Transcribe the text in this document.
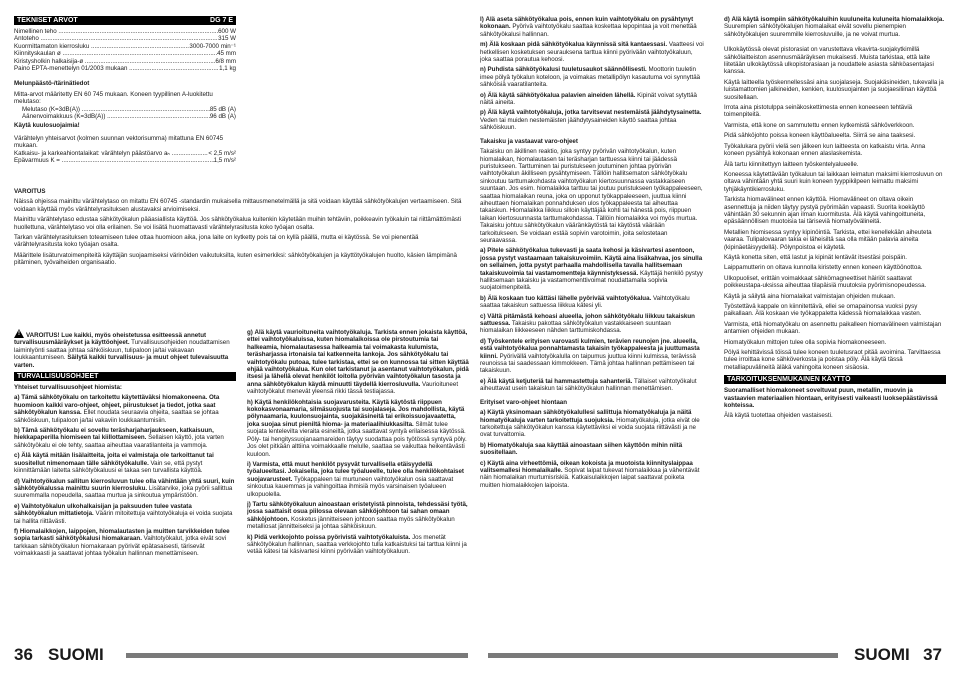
TEKNISET ARVOT	DG 7 E
Nimellinen teho .....	600 W
Antoteho .....	315 W
Kuormittamaton kierrosluku .....	3000-7000 min⁻¹
Kiinnityskaulan ø .....	45 mm
Kiristysholkin halkaisija-ø .....	6/8 mm
Paino EPTA-menettelyn 01/2003 mukaan .....	1,1 kg

Melunpäästö-/tärinätiedot

Mitta-arvot määritetty EN 60 745 mukaan. Koneen tyypillinen A-luokitettu melutaso:

Melutaso (K=3dB(A)) .....	85 dB (A)
Äänenvoimakkuus (K=3dB(A)) .....	96 dB (A)

Käytä kuulosuojaimia!

Värähtelyn yhteisarvot (kolmen suunnan vektorisumma) mitattuna EN 60745 mukaan.

Katkaisu- ja karkeahiontalaikat: värähtelyn päästöarvo aₕ .....	< 2,5 m/s²
Epävarmuus K = .....	1,5 m/s²

VAROITUS

Näissä ohjeissa mainittu värähtelytaso on mitattu EN 60745 -standardin mukaisella mittausmenetelmällä ja sitä voidaan käyttää sähkötyökalujen vertaamiseen. Sitä voidaan käyttää myös värähtelyrasituksen alustavaksi arvioimiseksi.

Mainittu värähtelytaso edustaa sähkötyökalun pääasiallista käyttöä. Jos sähkötyökalua kuitenkin käytetään muihin tehtäviin, poikkeavin työkaluin tai riittämättömästi huollettuna, värähtelytaso voi olla erilainen. Se voi lisätä huomattavasti värähtelyrasitusta koko työajan osalta.

Tarkan värähtelyrasituksen toteamiseen tulee ottaa huomioon aika, jona laite on kytketty pois tai on kyllä päällä, mutta ei käytössä. Se voi pienentää värähtelyrasitusta koko työajan osalta.

Määrittele lisäturvatoimenpiteitä käyttäjän suojaamiseksi värinöiden vaikutuksilta, kuten esimerkiksi: sähkötyökalujen ja käyttötyökalujen huolto, käsien lämpimänä pitäminen, työvaiheiden organisaatio.

!VAROITUS! Lue kaikki, myös oheistetussa esitteessä annetut turvallisuusmääräykset ja käyttöohjeet. Turvallisuusohjeiden noudattamisen laiminlyönti saattaa johtaa sähköiskuun, tulipaloon ja/tai vakavaan loukkaantumiseen. Säilytä kaikki turvallisuus- ja muut ohjeet tulevaisuutta varten.

TURVALLISUUSOHJEET

Yhteiset turvallisuusohjeet hiomista:

a) Tämä sähkötyökalu on tarkoitettu käytettäväksi hiomakoneena. Ota huomioon kaikki varo-ohjeet, ohjeet, piirustukset ja tiedot, jotka saat sähkötyökalun kanssa. Ellet noudata seuraavia ohjeita, saattaa se johtaa sähköiskuun, tulipaloon ja/tai vakaviin loukkaantumisiin.

b) Tämä sähkötyökalu ei sovellu teräsharjaharjaukseen, katkaisuun, hiekkapaperilla hiomiseen tai kiillottamiseen. Sellaisen käyttö, jota varten sähkötyökalu ei ole tehty, saattaa aiheuttaa vaaratilanteita ja vammoja.

c) Älä käytä mitään lisälaitteita, joita ei valmistaja ole tarkoittanut tai suositellut nimenomaan tälle sähkötyökalulle. Vain se, että pystyt kiinnittämään laitetta sähkötyökaluusi ei takaa sen turvallista käyttöä.

d) Vaihtotyökalun sallitun kierrosluvun tulee olla vähintään yhtä suuri, kuin sähkötyökalussa mainittu suurin kierrosluku. Lisätarvike, joka pyörii sallittua suuremmalla nopeudella, saattaa murtua ja sinkoutua ympäristöön.

e) Vaihtotyökalun ulkohalkaisijan ja paksuuden tulee vastata sähkötyökalun mittatietoja. Väärin mitoitettuja vaihtotyökaluja ei voida suojata tai hallita riittävästi.

f) Hiomalaikkojen, laippojen, hiomalautasten ja muitten tarvikkeiden tulee sopia tarkasti sähkötyökalusi hiomakaraan. Vaihtotyökalut, jotka eivät sovi tarkkaan sähkötyökalun hiomakaraan pyörivät epätasaisesti, tärisevät voimakkaasti ja saattavat johtaa työkalun hallinnan menettämiseen.

g) Älä käytä vaurioituneita vaihtotyökaluja. Tarkista ennen jokaista käyttöä, ettei vaihtotyökaluissa, kuten hiomalaikoissa ole pirstoutumia tai halkeamia, hiomalautasessa halkeamia tai voimakasta kulumista, teräsharjassa irtonaisia tai katkenneita lankoja. Jos sähkötyökalu tai vaihtotyökalu putoaa, tulee tarkistaa, ettei se on kunnossa tai sitten käyttää ehjää vaihtotyökalua. Kun olet tarkistanut ja asentanut vaihtotyökalun, pidä itsesi ja lähellä olevat henkilöt loitolla pyörivän vaihtotyökalun tasosta ja anna sähkötyökalun käydä minuutti täydellä kierrosluvulla. Vaurioituneet vaihtotyökalut menevät yleensä rikki tässä testiajassa.

h) Käytä henkilökohtaisia suojavarusteita. Käytä käytöstä riippuen kokokasvonaamaria, silmäsuojusta tai suojalaseja. Jos mahdollista, käytä pölynaamaria, kuulonsuojainta, suojakäsineitä tai erikoissuojavaatetta, joka suojaa sinut pieniltä hioma- ja materiaalihiukkasilta. Silmät tulee suojata lentelevilta vieraita esineiltä, jotka saattavat syntyä erilaisessa käytössä. Pöly- tai hengityssuojanaamareiden täytyy suodattaa pois työtössä syntyvä pöly. Jos olet pitkään alttiina voimakkaalle melulle, saattaa se vaikuttaa heikentävästi kuuloon.

i) Varmista, että muut henkilöt pysyvät turvallisella etäisyydellä työalueeltasi. Jokaisella, joka tulee työalueelle, tulee olla henkilökohtaiset suojavarusteet. Työkappaleen tai murtuneen vaihtotyökalun osia saattavat sinkoutua kauemmas ja vahingoittaa ihmisiä myös varsinaisen työalueen ulkopuolella.

j) Tartu sähkötyökaluun ainoastaan eristetyistä pinnoista, tehdessäsi työtä, jossa saattaisit osua piilossa olevaan sähköjohtoon tai sahan omaan sähköjohtoon. Kosketus jännitteiseen johtoon saattaa myös sähkötyökalun metalliosat jännitteiseksi ja johtaa sähköiskuun.

k) Pidä verkkojohto poissa pyörivistä vaihtotyökaluista. Jos menetät sähkötyökalun hallinnan, saattaa verkkojohto tulla katkaistuksi tai tarttua kiinni ja vetää kätesi tai käsivartesi kiinni pyörivään vaihtotyökaluun.

l) Älä aseta sähkötyökalua pois, ennen kuin vaihtotyökalu on pysähtynyt kokonaan. Pyörivä vaihtotyökalu saattaa koskettaa lepopintaa ja voit menettää sähkötyökalusi hallinnan.

m) Älä koskaan pidä sähkötyökalua käynnissä sitä kantaessasi. Vaatteesi voi hetkellisen kosketuksen seurauksena tarttua kiinni pyörivään vaihtotyökaluun, joka saattaa porautua kehoosi.

n) Puhdista sähkötyökalusi tuuletusaukot säännöllisesti. Moottorin tuuletin imee pölyä työkalun koteloon, ja voimakas metallipölyn kasautuma voi synnyttää sähköisiä vaaratilanteita.

o) Älä käytä sähkötyökalua palavien aineiden lähellä. Kipinät voivat sytyttää näitä aineita.

p) Älä käytä vaihtotyökaluja, jotka tarvitsevat nestemäistä jäähdytysainetta. Veden tai muiden nestemäisten jäähdytysaineiden käyttö saattaa johtaa sähköiskuun.

Takaisku ja vastaavat varo-ohjeet

Takaisku on äkillinen reaktio, joka syntyy pyörivän vaihtotyökalun, kuten hiomalaikan, hiomalautasen tai teräsharjan tarttuessa kiinni tai jäädessä puristukseen. Tarttuminen tai puristukseen joutuminen johtaa pyörivän vaihtotyökalun äkilliseen pysähtymiseen. Tällöin hallitsematon sähkötyökalu sinkoutuu tarttumakohdasta vaihtotyökalun kiertosuunnassa vastakkaiseen suuntaan. Jos esim. hiomalaikka tarttuu tai joutuu puristukseen työkappaleeseen, saattaa hiomalaikan reuna, joka on upponut työkappaleeseen, juuttua kiinni aiheuttaen hiomalaikan ponnahduksen ulos työkappaleesta tai aiheuttaa takaiskun. Hiomalaikka liikkuu silloin käyttäjää kohti tai hänestä pois, riippuen laikan kiertosuunnasta tarttumakohdassa. Tällöin hiomalaikka voi myös murtua. Takaisku johtuu sähkötyökalun vääränkäytöstä tai käytöstä väärään tarkoitukseen. Se voidaan estää sopivin varotoimin, joita selostetaan seuraavassa.

a) Pitele sähkötyökalua tukevasti ja saata kehosi ja käsivartesi asentoon, jossa pystyt vastaamaan takaiskuvoimiin. Käytä aina lisäkahvaa, jos sinulla on sellainen, jotta pystyt parhaalla mahdollisella tavalla hallitsemaan takaiskuvoimia tai vastamomentteja käynnistyksessä. Käyttäjä henkilö pystyy hallitsemaan takaisku ja vastamomenttivoimat noudattamalla sopivia suojatoimenpiteitä.

b) Älä koskaan tuo kättäsi lähelle pyörivää vaihtotyökalua. Vaihtotyökalu saattaa takaiskun sattuessa liikkua kätesi yli.

c) Vältä pitämästä kehoasi alueella, johon sähkötyökalu liikkuu takaiskun sattuessa. Takaisku pakottaa sähkötyökalun vastakkaiseen suuntaan hiomalaikan liikkeeseen nähden tarttumiskohdassa.

d) Työskentele erityisen varovasti kulmien, terävien reunojen jne. alueella, estä vaihtotyökalua ponnahtamasta takaisin työkappaleesta ja juuttumasta kiinni. Pyörivällä vaihtotyökalulla on taipumus juuttua kiinni kulmissa, terävissä reunoissa tai saadessaan kimmokkeen. Tämä johtaa hallinnan pettämiseen tai takaiskuun.

e) Älä käytä ketjuteriä tai hammastettuja sahanteriä. Tällaiset vaihtotyökalut aiheuttavat usein takaiskun tai sähkötyökalun hallinnan menettämisen.

Erityiset varo-ohjeet hiontaan

a) Käytä yksinomaan sähkötyökalullesi sallittuja hiomatyökaluja ja näitä hiomatyökaluja varten tarkoitettuja suojuksia. Hiomatyökaluja, jotka eivät ole tarkoitettuja sähkötyökalun kanssa käytettäviksi ei voida suojata riittävästi ja ne ovat turvattomia.

b) Hiomatyökaluja saa käyttää ainoastaan siihen käyttöön mihin niitä suositellaan.

c) Käytä aina virheettömiä, oikean kokoista ja muotoista kiinnityslaippaa valitsemallesi hiomalaikalle. Sopivat laipat tukevat hiomalaikkaa ja vähentävät näin hiomalaikan murtumisriskiä. Katkaisulaikkojen laipat saattavat poiketa muitten hiomalaikkojen laipoista.

d) Älä käytä isompiin sähkötyökaluihin kuuluneita kuluneita hiomalaikkoja. Suurempien sähkötyökalujen hiomalaikat eivät sovellu pienempien sähkötyökalujen suuremmille kierrosluvuille, ja ne voivat murtua.

Ulkokäytössä olevat pistorasiat on varustettava vikavirta-suojakytkimillä sähkölaitteiston asennusmääräyksen mukaisesti. Muista tarkistaa, että laite liitetään ulkokäytössä ulkopistorasiaan ja noudattele asiasta sähköasentajasi kanssa.

Käytä laitteella työskennellessäsi aina suojalaseja. Suojakäsineiden, tukevalla ja luistamattomien jalkineiden, kenkien, kuulosuojainten ja suojaesiliinan käyttöä suositellaan.

Irrota aina pistotulppa seinäkoskettimesta ennen koneeseen tehtäviä toimenpiteitä.

Varmista, että kone on sammutettu ennen kytkemistä sähköverkkoon.

Pidä sähköjohto poissa koneen käyttöalueelta. Siirrä se aina taaksesi.

Työkalukara pyörii vielä sen jälkeen kun laitteesta on katkaistu virta. Anna koneen pysähtyä kokonaan ennen alaslaskemista.

Älä tartu kiinnitettyyn laitteen työskentelyalueelle.

Koneessa käytettävään työkaluun tai laikkaan leimatun maksimi kierrosluvun on oltava vähintään yhtä suuri kuin koneen tyyppikilpeen leimattu maksimi tyhjäkäyntikierrosluku.

Tarkista hiomavälineet ennen käyttöä. Hiomavälineet on oltava oikein asennettuja ja niiden täytyy pystyä pyörimään vapaasti. Suorita koekäyttö vähintään 30 sekunnin ajan ilman kuormitusta. Älä käytä vahingoittuneita, epäsäännöllisen muotoisia tai täriseviä hiomatyövälineitä.

Metallien hiomisessa syntyy kipinöintiä. Tarkista, ettei kenellekään aiheuteta vaaraa. Tulipalovaaran takia ei läheisiltä saa olla mitään palavia aineita (kipinäetäisyydellä). Pölynpoistoa ei käytetä.

Käytä konetta siten, että lastut ja kipinät lentävät itsestäsi poispäin.

Laippamutterin on oltava kunnolla kiristetty ennen koneen käyttöönottoa.

Ulkopuoliset, erittäin voimakkaat sähkömagneettiset häiriöt saattavat poikkeustapa-uksissa aiheuttaa tilapäisiä muutoksia pyörimisnopeudessa.

Käytä ja säilytä aina hiomalaikat valmistajan ohjeiden mukaan.

Työstettävä kappale on kiinnitettävä, ellei se omapainonsa vuoksi pysy paikallaan. Älä koskaan vie työkappaletta kädessä hiomalaikkaa vasten.

Varmista, että hiomatyökalu on asennettu paikalleen hiomavälineen valmistajan antamien ohjeiden mukaan.

Hiomatyökalun mittojen tulee olla sopivia hiomakoneeseen.

Pölyä kehittävissä töissä tulee koneen tuuletusraot pitää avoimina. Tarvittaessa tulee irroittaa kone sähköverkosta ja poistaa pöly. Älä käytä tässä metalliapuvälineitä äläkä vahingoita koneen sisäosia.

TARKOITUKSENMUKAINEN KÄYTTÖ

Suoramalliset hiomakoneet soveltuvat puun, metallin, muovin ja vastaavien materiaalien hiontaan, erityisesti vaikeasti luoksepäästävissä kohteissa.

Älä käytä tuotettaa ohjeiden vastaisesti.

36 SUOMI	SUOMI 37
